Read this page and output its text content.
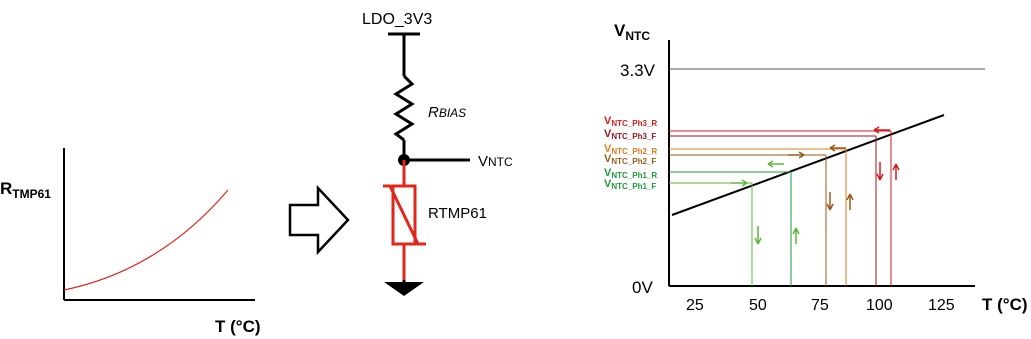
$R_{TMP61}$
T (°C)
LDO_3V3
RBIAS
VNTC
RTMP61
$V_{NTC}$
3.3V
0V
25	50	75 100 125 T (°C)
VNTC_Ph3_R
VNTC_Ph3_F
VNTC_Ph2_R
VNTC_Ph2_F
VNTC_Ph1_R
VNTC_Ph1_F
